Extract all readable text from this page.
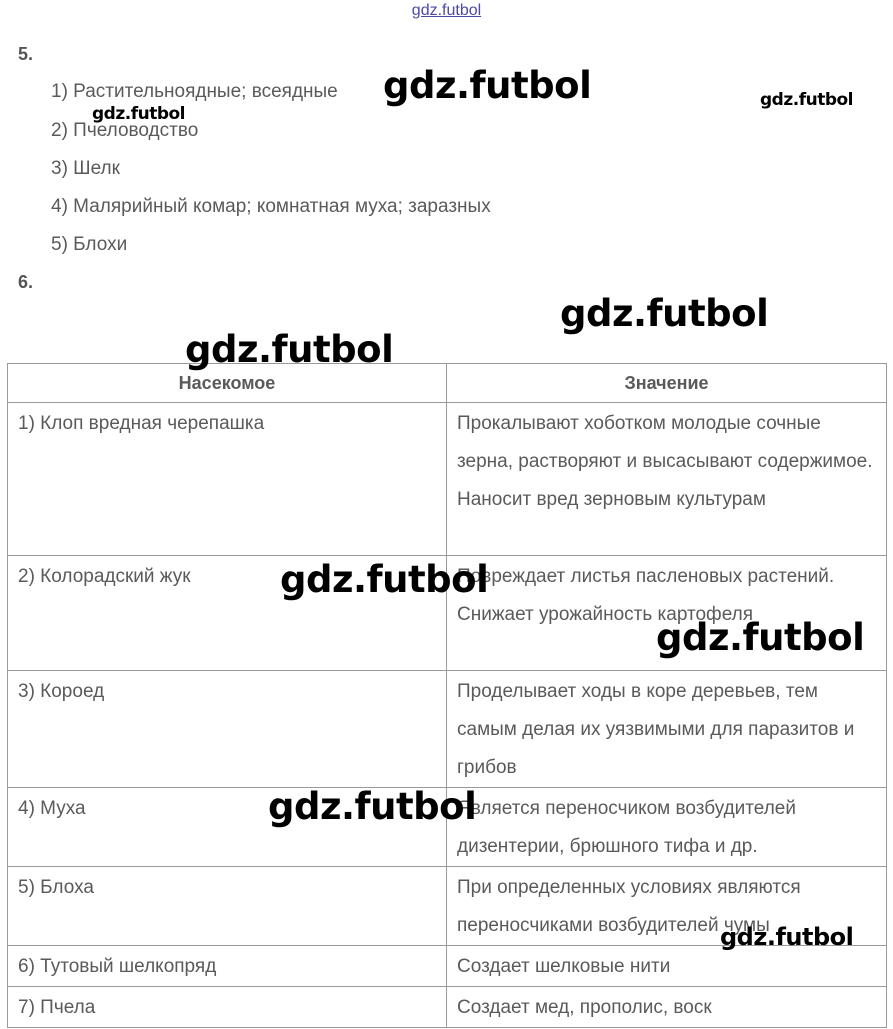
gdz.futbol
5.
1) Растительноядные; всеядные
2) Пчеловодство
3) Шелк
4) Малярийный комар; комнатная муха; заразных
5) Блохи
6.
Насекомое	Значение
1) Клоп вредная черепашка	Прокалывают хоботком молодые сочные зерна, растворяют и высасывают содержимое. Наносит вред зерновым культурам
2) Колорадский жук	Повреждает листья пасленовых растений. Снижает урожайность картофеля
3) Короед	Проделывает ходы в коре деревьев, тем самым делая их уязвимыми для паразитов и грибов
4) Муха	Является переносчиком возбудителей дизентерии, брюшного тифа и др.
5) Блоха	При определенных условиях являются переносчиками возбудителей чумы
6) Тутовый шелкопряд	Создает шелковые нити
7) Пчела	Создает мед, прополис, воск
gdz.futbol
gdz.futbol
gdz.futbol
gdz.futbol
gdz.futbol
gdz.futbol
gdz.futbol
gdz.futbol
gdz.futbol
